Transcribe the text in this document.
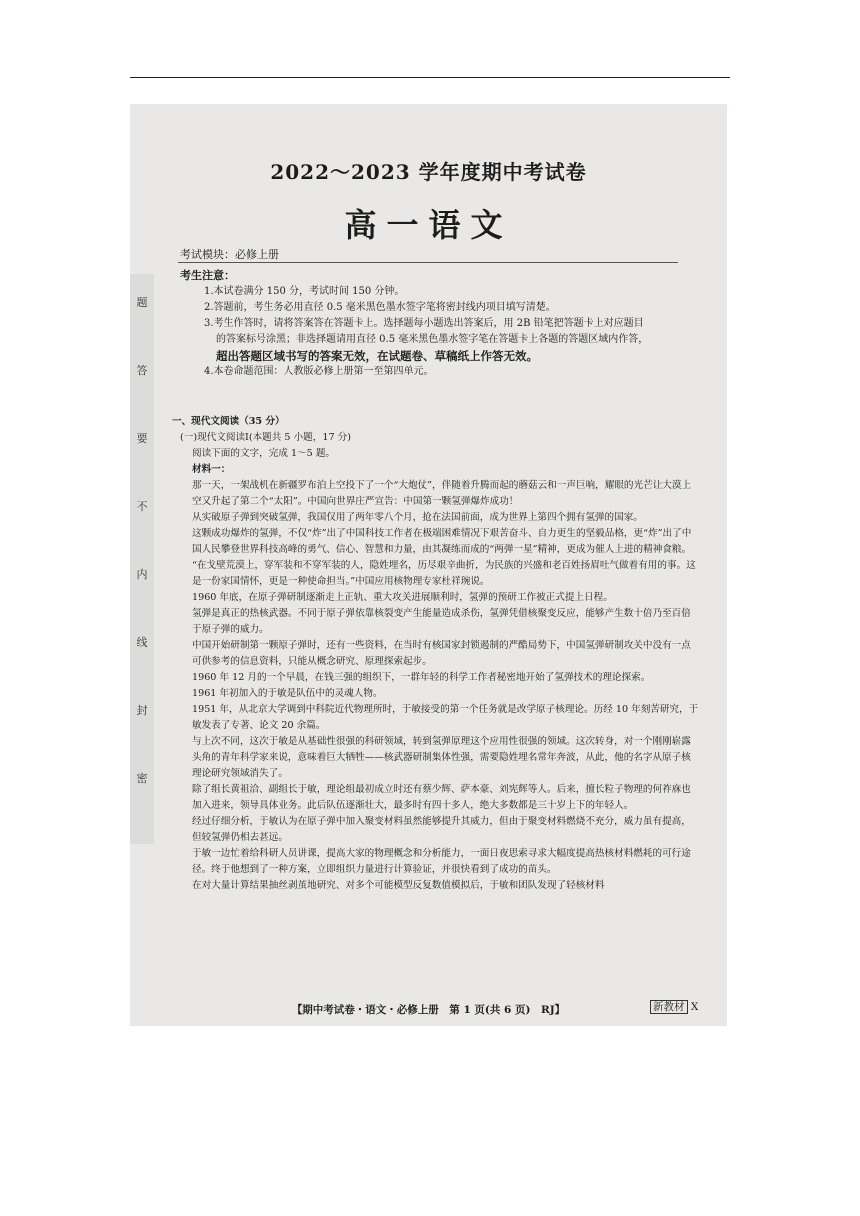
题
答
要
不
内
线
封
密
2022～2023 学年度期中考试卷
高一语文
考试模块：必修上册
考生注意：
1.本试卷满分 150 分，考试时间 150 分钟。
2.答题前，考生务必用直径 0.5 毫米黑色墨水签字笔将密封线内项目填写清楚。
3.考生作答时，请将答案答在答题卡上。选择题每小题选出答案后，用 2B 铅笔把答题卡上对应题目
的答案标号涂黑；非选择题请用直径 0.5 毫米黑色墨水签字笔在答题卡上各题的答题区域内作答，
超出答题区域书写的答案无效，在试题卷、草稿纸上作答无效。
4.本卷命题范围：人教版必修上册第一至第四单元。

一、现代文阅读（35 分）

(一)现代文阅读Ⅰ(本题共 5 小题，17 分)

阅读下面的文字，完成 1～5 题。

材料一：

那一天，一架战机在新疆罗布泊上空投下了一个“大炮仗”，伴随着升腾而起的蘑菇云和一声巨响，耀眼的光芒让大漠上空又升起了第二个“太阳”。中国向世界庄严宣告：中国第一颗氢弹爆炸成功！

从实破原子弹到突破氢弹，我国仅用了两年零八个月，抢在法国前面，成为世界上第四个拥有氢弹的国家。

这颗成功爆炸的氢弹，不仅“炸”出了中国科技工作者在极端困难情况下艰苦奋斗、自力更生的坚毅品格，更“炸”出了中国人民攀登世界科技高峰的勇气、信心、智慧和力量，由其凝练而成的“两弹一星”精神，更成为催人上进的精神食粮。

“在戈壁荒漠上，穿军装和不穿军装的人，隐姓埋名，历尽艰辛曲折，为民族的兴盛和老百姓扬眉吐气做着有用的事。这是一份家国情怀，更是一种使命担当。”中国应用核物理专家杜祥琬说。

1960 年底，在原子弹研制逐渐走上正轨、重大攻关进展顺利时，氢弹的预研工作被正式提上日程。

氢弹是真正的热核武器。不同于原子弹依靠核裂变产生能量造成杀伤，氢弹凭借核聚变反应，能够产生数十倍乃至百倍于原子弹的威力。

中国开始研制第一颗原子弹时，还有一些资料，在当时有核国家封锁遏制的严酷局势下，中国氢弹研制攻关中没有一点可供参考的信息资料，只能从概念研究、原理探索起步。

1960 年 12 月的一个早晨，在钱三强的组织下，一群年轻的科学工作者秘密地开始了氢弹技术的理论探索。

1961 年初加入的于敏是队伍中的灵魂人物。

1951 年，从北京大学调到中科院近代物理所时，于敏接受的第一个任务就是改学原子核理论。历经 10 年刻苦研究，于敏发表了专著、论文 20 余篇。

与上次不同，这次于敏是从基础性很强的科研领域，转到氢弹原理这个应用性很强的领域。这次转身，对一个刚刚崭露头角的青年科学家来说，意味着巨大牺牲——核武器研制集体性强，需要隐姓埋名常年奔波，从此，他的名字从原子核理论研究领域消失了。

除了组长黄祖洽、副组长于敏，理论组最初成立时还有蔡少辉、萨本豪、刘宪辉等人。后来，擅长粒子物理的何祚庥也加入进来，领导具体业务。此后队伍逐渐壮大，最多时有四十多人，绝大多数都是三十岁上下的年轻人。

经过仔细分析，于敏认为在原子弹中加入聚变材料虽然能够提升其威力，但由于聚变材料燃烧不充分，威力虽有提高，但较氢弹仍相去甚远。

于敏一边忙着给科研人员讲课，提高大家的物理概念和分析能力，一面日夜思索寻求大幅度提高热核材料燃耗的可行途径。终于他想到了一种方案，立即组织力量进行计算验证，并很快看到了成功的苗头。

在对大量计算结果抽丝剥茧地研究、对多个可能模型反复数值模拟后，于敏和团队发现了轻核材料

【期中考试卷・语文・必修上册　第 1 页(共 6 页)　RJ】	新教材 X
